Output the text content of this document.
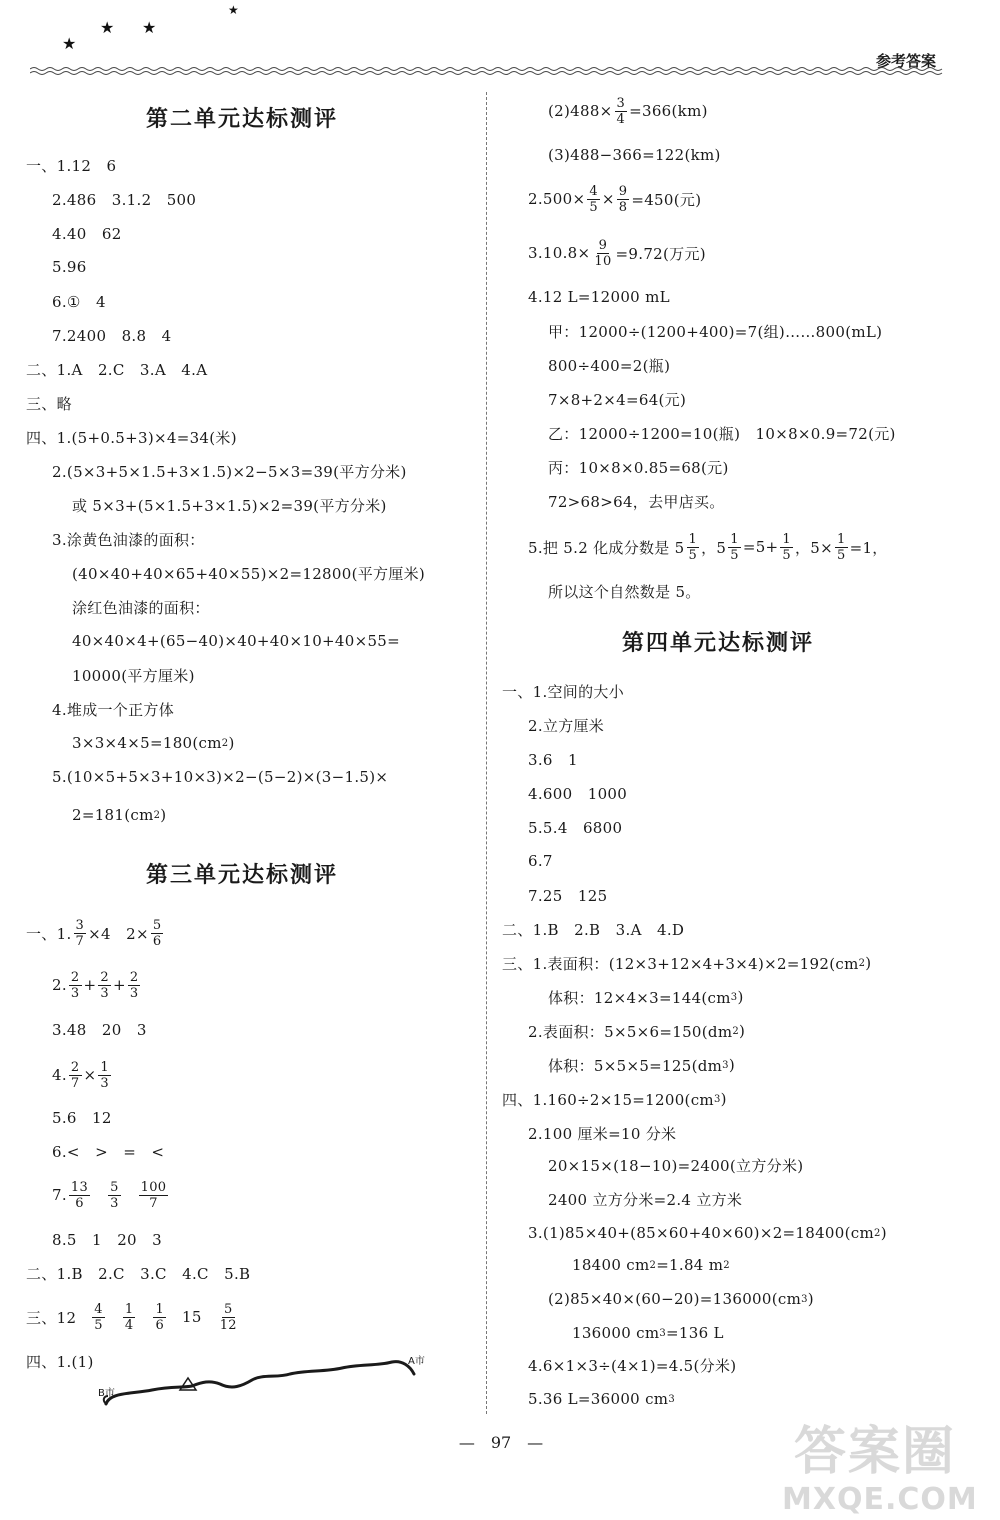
★
★ ★
★
参考答案
第二单元达标测评
一、1.12　6
2.486　3.1.2　500
4.40　62
5.96
6.①　4
7.2400　8.8　4
二、1.A　2.C　3.A　4.A
三、略
四、1.(5+0.5+3)×4=34(米)
2.(5×3+5×1.5+3×1.5)×2−5×3=39(平方分米)
或 5×3+(5×1.5+3×1.5)×2=39(平方分米)
3.涂黄色油漆的面积：
(40×40+40×65+40×55)×2=12800(平方厘米)
涂红色油漆的面积：
40×40×4+(65−40)×40+40×10+40×55=
10000(平方厘米)
4.堆成一个正方体
3×3×4×5=180(cm 2 )
5.(10×5+5×3+10×3)×2−(5−2)×(3−1.5)×
2=181(cm 2 )
第三单元达标测评
一、1. $\frac{3}{7} \times 4$　$2\times \frac{5}{6}$
2. $\frac{2}{3} + \frac{2}{3} + \frac{2}{3}$
3.48　20　3
4. $\frac{2}{7} \times \frac{1}{3}$
5.6　12
6.<　>　=　<
7. $\frac{13}{6} \frac{5}{3} \frac{100}{7}$
8.5　1　20　3
二、1.B　2.C　3.C　4.C　5.B
三、$12 \frac{4}{5} \frac{1}{4} \frac{1}{6} 15 \frac{5}{12}$
四、1.(1)	A市
B市
$(2)488\times \frac{3}{4} =366(km)$
(3)488−366=122(km)
$2.500\times \frac{4}{5} \times \frac{9}{8} =450$(元)
$3.10.8\times \frac{9}{10} =9.72$(万元)
4.12 L=12000 mL
甲：12000÷(1200+400)=7(组)……800(mL)
800÷400=2(瓶)
7×8+2×4=64(元)
乙：12000÷1200=10(瓶)　10×8×0.9=72(元)
丙：10×8×0.85=68(元)
72>68>64，去甲店买。
5.把 5.2 化成分数是 $5 \frac{1}{5}$ ，$5 \frac{1}{5} =5+ \frac{1}{5}$ ，$5\times \frac{1}{5} =1$，
所以这个自然数是 5。
第四单元达标测评
一、1.空间的大小
2.立方厘米
3.6　1
4.600　1000
5.5.4　6800
6.7
7.25　125
二、1.B　2.B　3.A　4.D
三、1.表面积：(12×3+12×4+3×4)×2=192(cm 2 )
体积：12×4×3=144(cm 3 )
2.表面积：5×5×6=150(dm 2 )
体积：5×5×5=125(dm 3 )
四、1.160÷2×15=1200(cm 3 )
2.100 厘米=10 分米
20×15×(18−10)=2400(立方分米)
2400 立方分米=2.4 立方米
3.(1)85×40+(85×60+40×60)×2=18400(cm 2 )
18400 cm 2 =1.84 m 2
(2)85×40×(60−20)=136000(cm 3 )
136000 cm 3 =136 L
4.6×1×3÷(4×1)=4.5(分米)
5.36 L=36000 cm 3
—　97　—	答案圈
MXQE.COM
